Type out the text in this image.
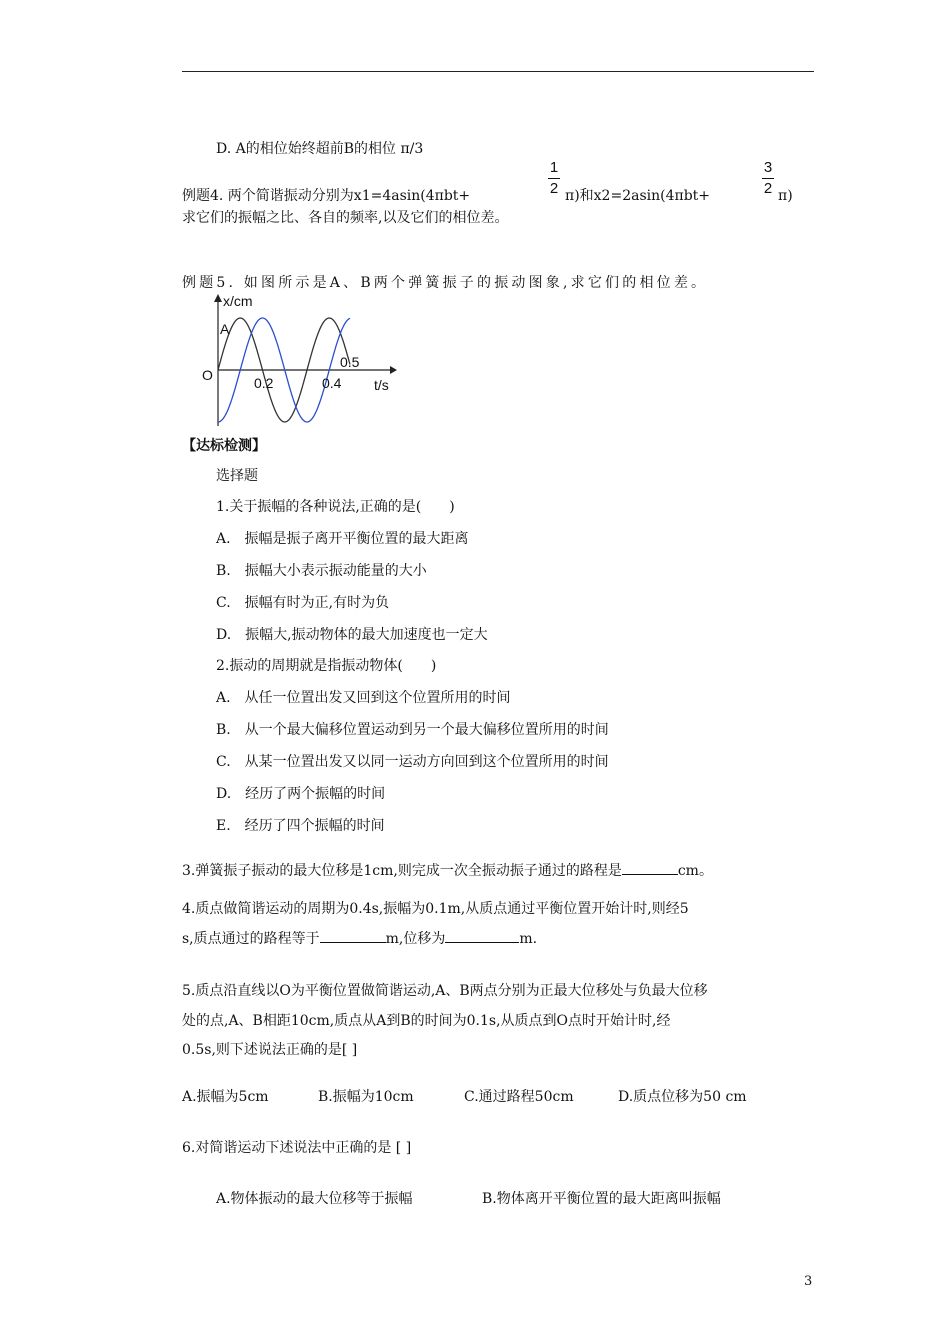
D. A的相位始终超前B的相位 π/3
例题4. 两个简谐振动分别为x1=4asin(4πbt+
1
2 π)和x2=2asin(4πbt+
3
2 π)
求它们的振幅之比、各自的频率,以及它们的相位差。
例题5. 如图所示是A、B两个弹簧振子的振动图象,求它们的相位差。
x/cm
A
O	0.2	0.4
0.5
t/s
【达标检测】
选择题
1.关于振幅的各种说法,正确的是(　　)
A.　振幅是振子离开平衡位置的最大距离
B.　振幅大小表示振动能量的大小
C.　振幅有时为正,有时为负
D.　振幅大,振动物体的最大加速度也一定大
2.振动的周期就是指振动物体(　　)
A.　从任一位置出发又回到这个位置所用的时间
B.　从一个最大偏移位置运动到另一个最大偏移位置所用的时间
C.　从某一位置出发又以同一运动方向回到这个位置所用的时间
D.　经历了两个振幅的时间
E.　经历了四个振幅的时间
3.弹簧振子振动的最大位移是1cm,则完成一次全振动振子通过的路程是	cm。
4.质点做简谐运动的周期为0.4s,振幅为0.1m,从质点通过平衡位置开始计时,则经5
s,质点通过的路程等于	m,位移为	m.
5.质点沿直线以O为平衡位置做简谐运动,A、B两点分别为正最大位移处与负最大位移
处的点,A、B相距10cm,质点从A到B的时间为0.1s,从质点到O点时开始计时,经
0.5s,则下述说法正确的是[ ]
A.振幅为5cm	B.振幅为10cm	C.通过路程50cm	D.质点位移为50 cm
6.对简谐运动下述说法中正确的是 [ ]
A.物体振动的最大位移等于振幅	B.物体离开平衡位置的最大距离叫振幅
3
